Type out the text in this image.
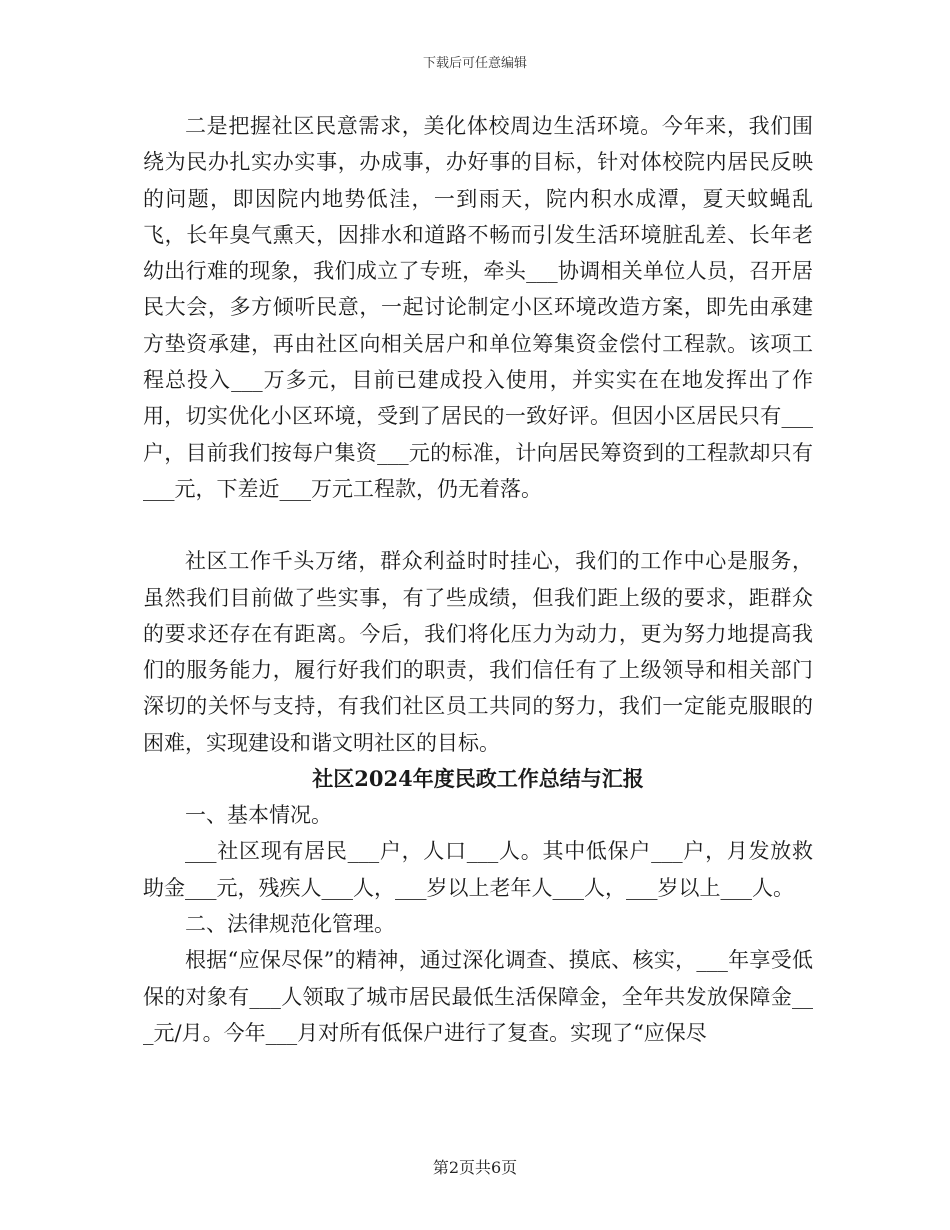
下载后可任意编辑

二是把握社区民意需求，美化体校周边生活环境。今年来，我们围绕为民办扎实办实事，办成事，办好事的目标，针对体校院内居民反映的问题，即因院内地势低洼，一到雨天，院内积水成潭，夏天蚊蝇乱飞，长年臭气熏天，因排水和道路不畅而引发生活环境脏乱差、长年老幼出行难的现象，我们成立了专班，牵头___协调相关单位人员，召开居民大会，多方倾听民意，一起讨论制定小区环境改造方案，即先由承建方垫资承建，再由社区向相关居户和单位筹集资金偿付工程款。该项工程总投入___万多元，目前已建成投入使用，并实实在在地发挥出了作用，切实优化小区环境，受到了居民的一致好评。但因小区居民只有___户，目前我们按每户集资___元的标准，计向居民筹资到的工程款却只有___元，下差近___万元工程款，仍无着落。

社区工作千头万绪，群众利益时时挂心，我们的工作中心是服务，虽然我们目前做了些实事，有了些成绩，但我们距上级的要求，距群众的要求还存在有距离。今后，我们将化压力为动力，更为努力地提高我们的服务能力，履行好我们的职责，我们信任有了上级领导和相关部门深切的关怀与支持，有我们社区员工共同的努力，我们一定能克服眼的困难，实现建设和谐文明社区的目标。

社区2024年度民政工作总结与汇报

一、基本情况。

___社区现有居民___户，人口___人。其中低保户___户，月发放救助金___元，残疾人___人，___岁以上老年人___人，___岁以上___人。

二、法律规范化管理。

根据“应保尽保”的精神，通过深化调查、摸底、核实，___年享受低保的对象有___人领取了城市居民最低生活保障金，全年共发放保障金___元/月。今年___月对所有低保户进行了复查。实现了“应保尽

第2页共6页
